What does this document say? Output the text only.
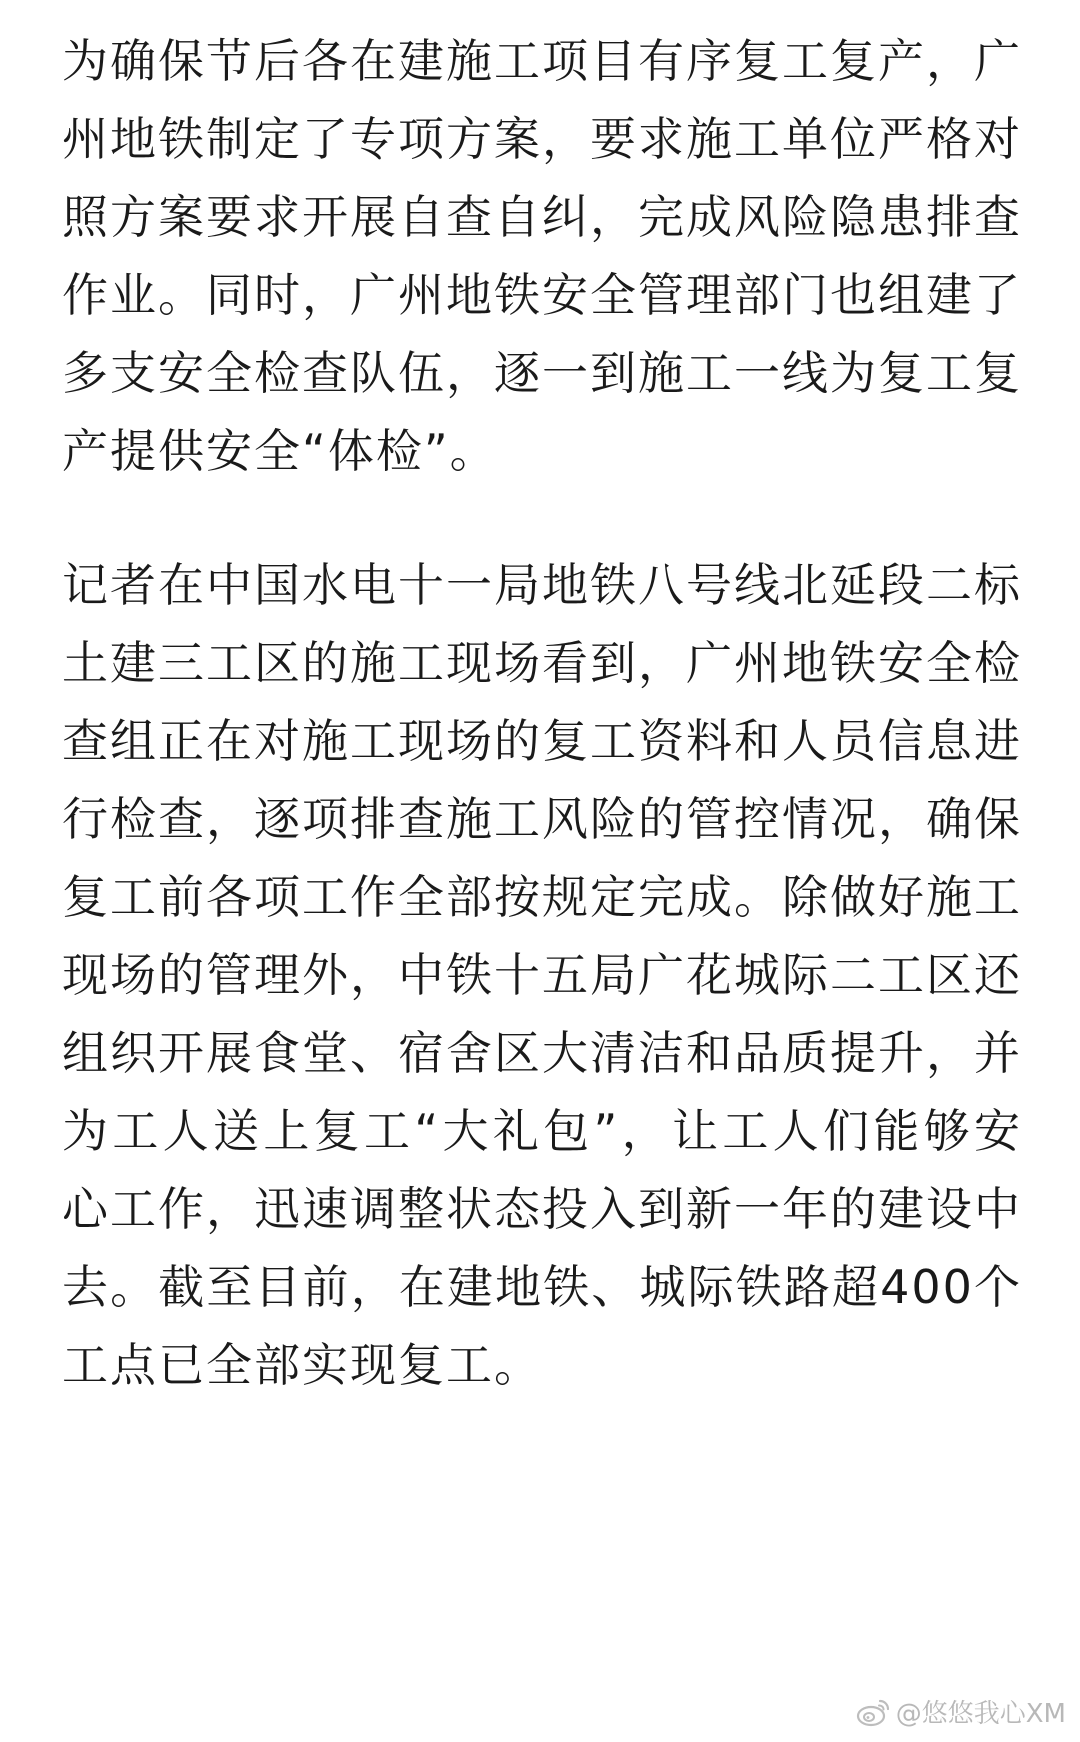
为确保节后各在建施工项目有序复工复产，广州地铁制定了专项方案，要求施工单位严格对照方案要求开展自查自纠，完成风险隐患排查作业。同时，广州地铁安全管理部门也组建了多支安全检查队伍，逐一到施工一线为复工复产提供安全“体检”。

记者在中国水电十一局地铁八号线北延段二标土建三工区的施工现场看到，广州地铁安全检查组正在对施工现场的复工资料和人员信息进行检查，逐项排查施工风险的管控情况，确保复工前各项工作全部按规定完成。除做好施工现场的管理外，中铁十五局广花城际二工区还组织开展食堂、宿舍区大清洁和品质提升，并为工人送上复工“大礼包”，让工人们能够安心工作，迅速调整状态投入到新一年的建设中去。截至目前，在建地铁、城际铁路超400个工点已全部实现复工。

@悠悠我心XM
